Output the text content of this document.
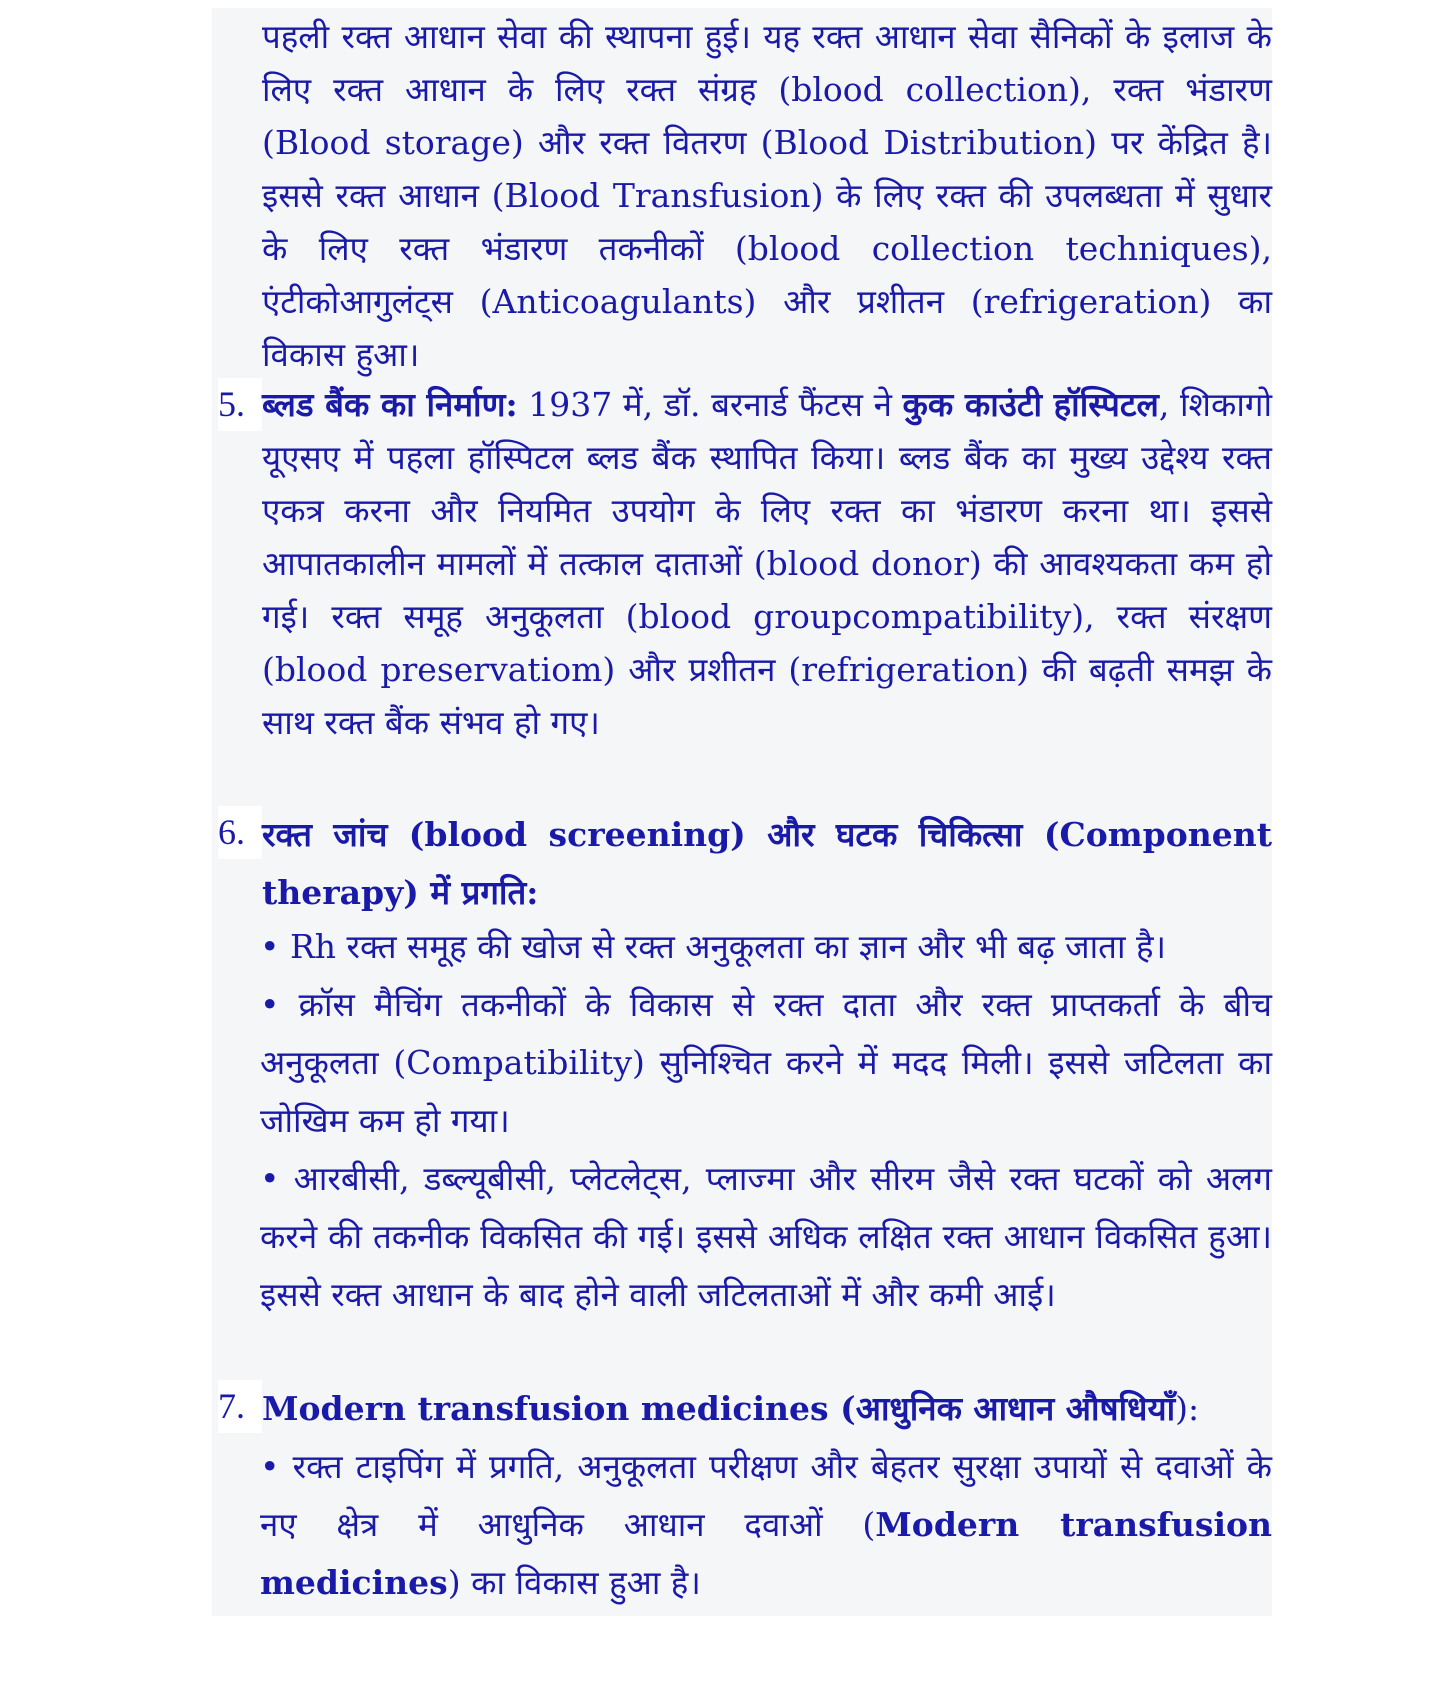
पहली रक्त आधान सेवा की स्थापना हुई। यह रक्त आधान सेवा सैनिकों के इलाज के लिए रक्त आधान के लिए रक्त संग्रह (blood collection), रक्त भंडारण (Blood storage) और रक्त वितरण (Blood Distribution) पर केंद्रित है। इससे रक्त आधान (Blood Transfusion) के लिए रक्त की उपलब्धता में सुधार के लिए रक्त भंडारण तकनीकों (blood collection techniques), एंटीकोआगुलंट्स (Anticoagulants) और प्रशीतन (refrigeration) का विकास हुआ।

5. ब्लड बैंक का निर्माण: 1937 में, डॉ. बरनार्ड फैंटस ने कुक काउंटी हॉस्पिटल, शिकागो यूएसए में पहला हॉस्पिटल ब्लड बैंक स्थापित किया। ब्लड बैंक का मुख्य उद्देश्य रक्त एकत्र करना और नियमित उपयोग के लिए रक्त का भंडारण करना था। इससे आपातकालीन मामलों में तत्काल दाताओं (blood donor) की आवश्यकता कम हो गई। रक्त समूह अनुकूलता (blood groupcompatibility), रक्त संरक्षण (blood preservatiom) और प्रशीतन (refrigeration) की बढ़ती समझ के साथ रक्त बैंक संभव हो गए।

6. रक्त जांच (blood screening) और घटक चिकित्सा (Component therapy) में प्रगति:

• Rh रक्त समूह की खोज से रक्त अनुकूलता का ज्ञान और भी बढ़ जाता है।

• क्रॉस मैचिंग तकनीकों के विकास से रक्त दाता और रक्त प्राप्तकर्ता के बीच अनुकूलता (Compatibility) सुनिश्चित करने में मदद मिली। इससे जटिलता का जोखिम कम हो गया।

• आरबीसी, डब्ल्यूबीसी, प्लेटलेट्स, प्लाज्मा और सीरम जैसे रक्त घटकों को अलग करने की तकनीक विकसित की गई। इससे अधिक लक्षित रक्त आधान विकसित हुआ। इससे रक्त आधान के बाद होने वाली जटिलताओं में और कमी आई।

7. Modern transfusion medicines (आधुनिक आधान औषधियाँ):

• रक्त टाइपिंग में प्रगति, अनुकूलता परीक्षण और बेहतर सुरक्षा उपायों से दवाओं के नए क्षेत्र में आधुनिक आधान दवाओं (Modern transfusion medicines) का विकास हुआ है।
